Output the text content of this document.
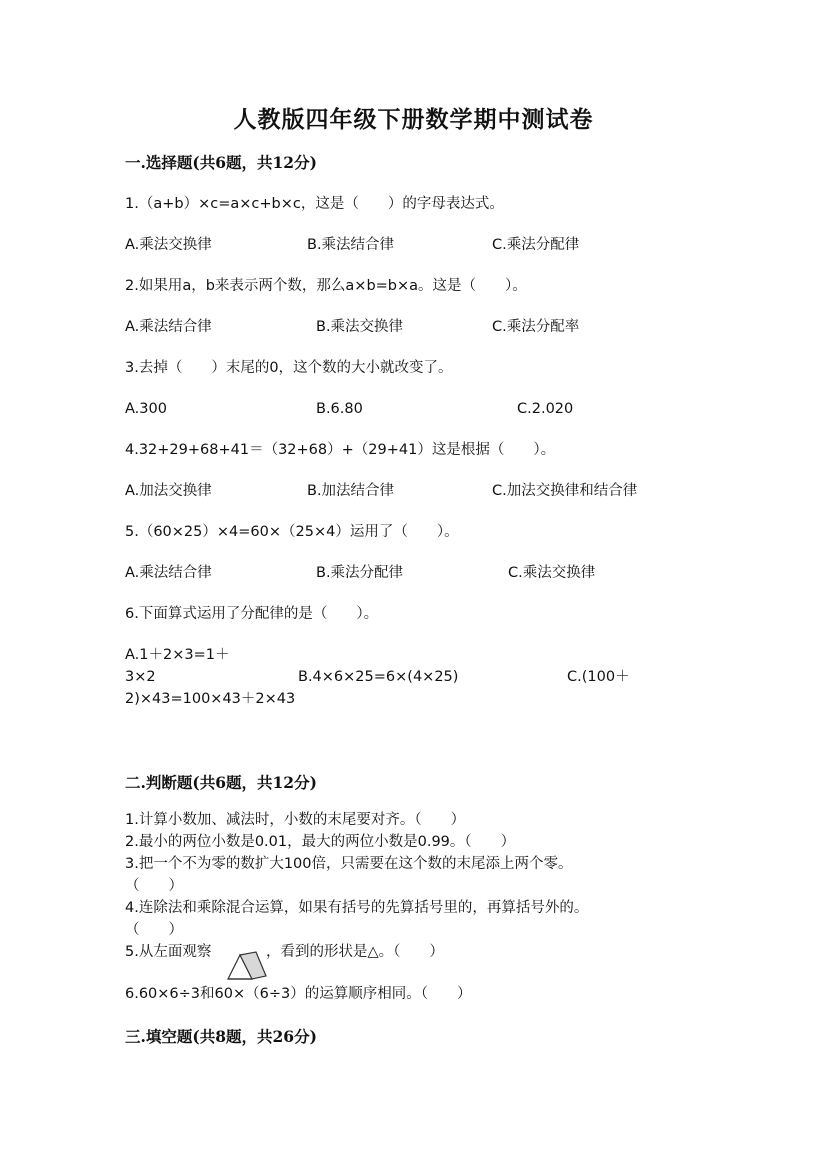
人教版四年级下册数学期中测试卷
一.选择题(共6题，共12分)
1.（a+b）×c=a×c+b×c，这是（　　）的字母表达式。
A.乘法交换律	B.乘法结合律	C.乘法分配律
2.如果用a，b来表示两个数，那么a×b=b×a。这是（　　）。
A.乘法结合律	B.乘法交换律	C.乘法分配率
3.去掉（　　）末尾的0，这个数的大小就改变了。
A.300	B.6.80	C.2.020
4.32+29+68+41＝（32+68）+（29+41）这是根据（　　）。
A.加法交换律	B.加法结合律	C.加法交换律和结合律
5.（60×25）×4=60×（25×4）运用了（　　）。
A.乘法结合律	B.乘法分配律	C.乘法交换律
6.下面算式运用了分配律的是（　　）。
A.1＋2×3=1＋
3×2	B.4×6×25=6×(4×25)	C.(100＋
2)×43=100×43＋2×43
二.判断题(共6题，共12分)
1.计算小数加、减法时，小数的末尾要对齐。（　　）
2.最小的两位小数是0.01，最大的两位小数是0.99。（　　）
3.把一个不为零的数扩大100倍，只需要在这个数的末尾添上两个零。
（　　）
4.连除法和乘除混合运算，如果有括号的先算括号里的，再算括号外的。
（　　）
5.从左面观察	，看到的形状是△。（　　）
6.60×6÷3和60×（6÷3）的运算顺序相同。（　　）
三.填空题(共8题，共26分)
